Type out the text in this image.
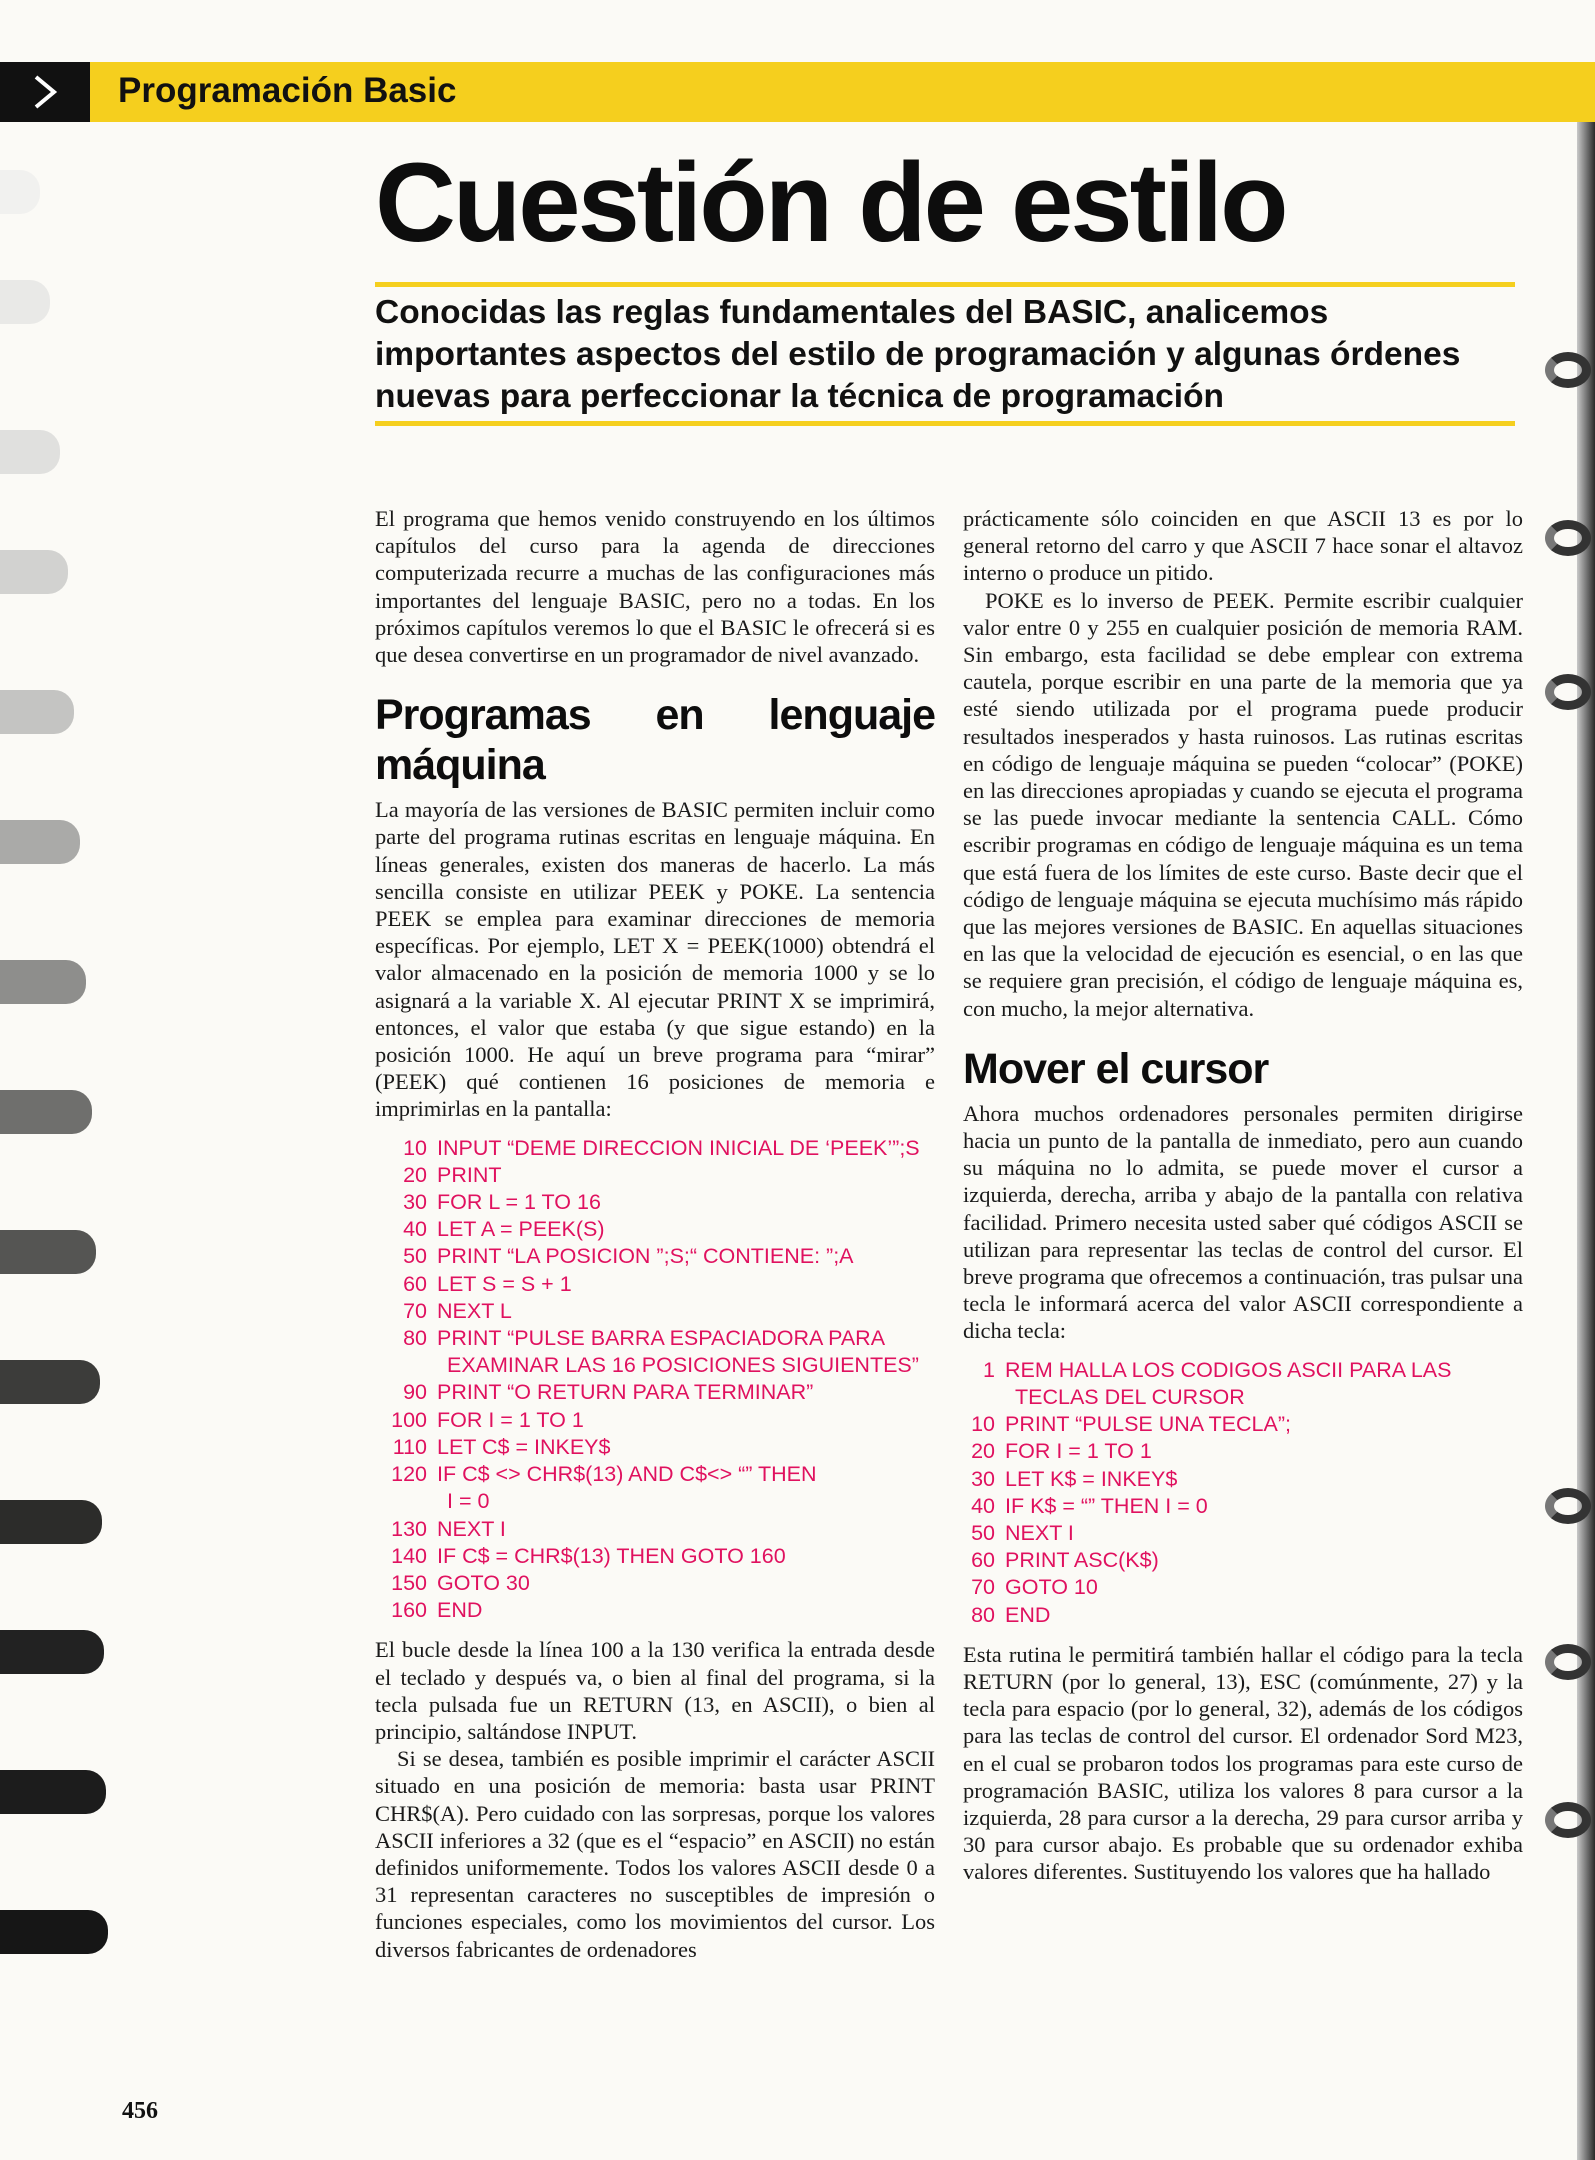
Programación Basic
Cuestión de estilo
Conocidas las reglas fundamentales del BASIC, analicemos importantes aspectos del estilo de programación y algunas órdenes nuevas para perfeccionar la técnica de programación

El programa que hemos venido construyendo en los últimos capítulos del curso para la agenda de direcciones computerizada recurre a muchas de las configuraciones más importantes del lenguaje BASIC, pero no a todas. En los próximos capítulos veremos lo que el BASIC le ofrecerá si es que desea convertirse en un programador de nivel avanzado.

Programas en lenguaje máquina

La mayoría de las versiones de BASIC permiten incluir como parte del programa rutinas escritas en lenguaje máquina. En líneas generales, existen dos maneras de hacerlo. La más sencilla consiste en utilizar PEEK y POKE. La sentencia PEEK se emplea para examinar direcciones de memoria específicas. Por ejemplo, LET X = PEEK(1000) obtendrá el valor almacenado en la posición de memoria 1000 y se lo asignará a la variable X. Al ejecutar PRINT X se imprimirá, entonces, el valor que estaba (y que sigue estando) en la posición 1000. He aquí un breve programa para “mirar” (PEEK) qué contienen 16 posiciones de memoria e imprimirlas en la pantalla:

10 INPUT “DEME DIRECCION INICIAL DE ‘PEEK’”;S
20 PRINT
30 FOR L = 1 TO 16
40 LET A = PEEK(S)
50 PRINT “LA POSICION ”;S;“ CONTIENE: ”;A
60 LET S = S + 1
70 NEXT L
80 PRINT “PULSE BARRA ESPACIADORA PARA
EXAMINAR LAS 16 POSICIONES SIGUIENTES”
90 PRINT “O RETURN PARA TERMINAR”
100 FOR I = 1 TO 1
110 LET C$ = INKEY$
120 IF C$ <> CHR$(13) AND C$<> “” THEN
I = 0
130 NEXT I
140 IF C$ = CHR$(13) THEN GOTO 160
150 GOTO 30
160 END

El bucle desde la línea 100 a la 130 verifica la entrada desde el teclado y después va, o bien al final del programa, si la tecla pulsada fue un RETURN (13, en ASCII), o bien al principio, saltándose INPUT.

Si se desea, también es posible imprimir el carácter ASCII situado en una posición de memoria: basta usar PRINT CHR$(A). Pero cuidado con las sorpresas, porque los valores ASCII inferiores a 32 (que es el “espacio” en ASCII) no están definidos uniformemente. Todos los valores ASCII desde 0 a 31 representan caracteres no susceptibles de impresión o funciones especiales, como los movimientos del cursor. Los diversos fabricantes de ordenadores

prácticamente sólo coinciden en que ASCII 13 es por lo general retorno del carro y que ASCII 7 hace sonar el altavoz interno o produce un pitido.

POKE es lo inverso de PEEK. Permite escribir cualquier valor entre 0 y 255 en cualquier posición de memoria RAM. Sin embargo, esta facilidad se debe emplear con extrema cautela, porque escribir en una parte de la memoria que ya esté siendo utilizada por el programa puede producir resultados inesperados y hasta ruinosos. Las rutinas escritas en código de lenguaje máquina se pueden “colocar” (POKE) en las direcciones apropiadas y cuando se ejecuta el programa se las puede invocar mediante la sentencia CALL. Cómo escribir programas en código de lenguaje máquina es un tema que está fuera de los límites de este curso. Baste decir que el código de lenguaje máquina se ejecuta muchísimo más rápido que las mejores versiones de BASIC. En aquellas situaciones en las que la velocidad de ejecución es esencial, o en las que se requiere gran precisión, el código de lenguaje máquina es, con mucho, la mejor alternativa.

Mover el cursor

Ahora muchos ordenadores personales permiten dirigirse hacia un punto de la pantalla de inmediato, pero aun cuando su máquina no lo admita, se puede mover el cursor a izquierda, derecha, arriba y abajo de la pantalla con relativa facilidad. Primero necesita usted saber qué códigos ASCII se utilizan para representar las teclas de control del cursor. El breve programa que ofrecemos a continuación, tras pulsar una tecla le informará acerca del valor ASCII correspondiente a dicha tecla:

1 REM HALLA LOS CODIGOS ASCII PARA LAS
TECLAS DEL CURSOR
10 PRINT “PULSE UNA TECLA”;
20 FOR I = 1 TO 1
30 LET K$ = INKEY$
40 IF K$ = “” THEN I = 0
50 NEXT I
60 PRINT ASC(K$)
70 GOTO 10
80 END

Esta rutina le permitirá también hallar el código para la tecla RETURN (por lo general, 13), ESC (comúnmente, 27) y la tecla para espacio (por lo general, 32), además de los códigos para las teclas de control del cursor. El ordenador Sord M23, en el cual se probaron todos los programas para este curso de programación BASIC, utiliza los valores 8 para cursor a la izquierda, 28 para cursor a la derecha, 29 para cursor arriba y 30 para cursor abajo. Es probable que su ordenador exhiba valores diferentes. Sustituyendo los valores que ha hallado

456
